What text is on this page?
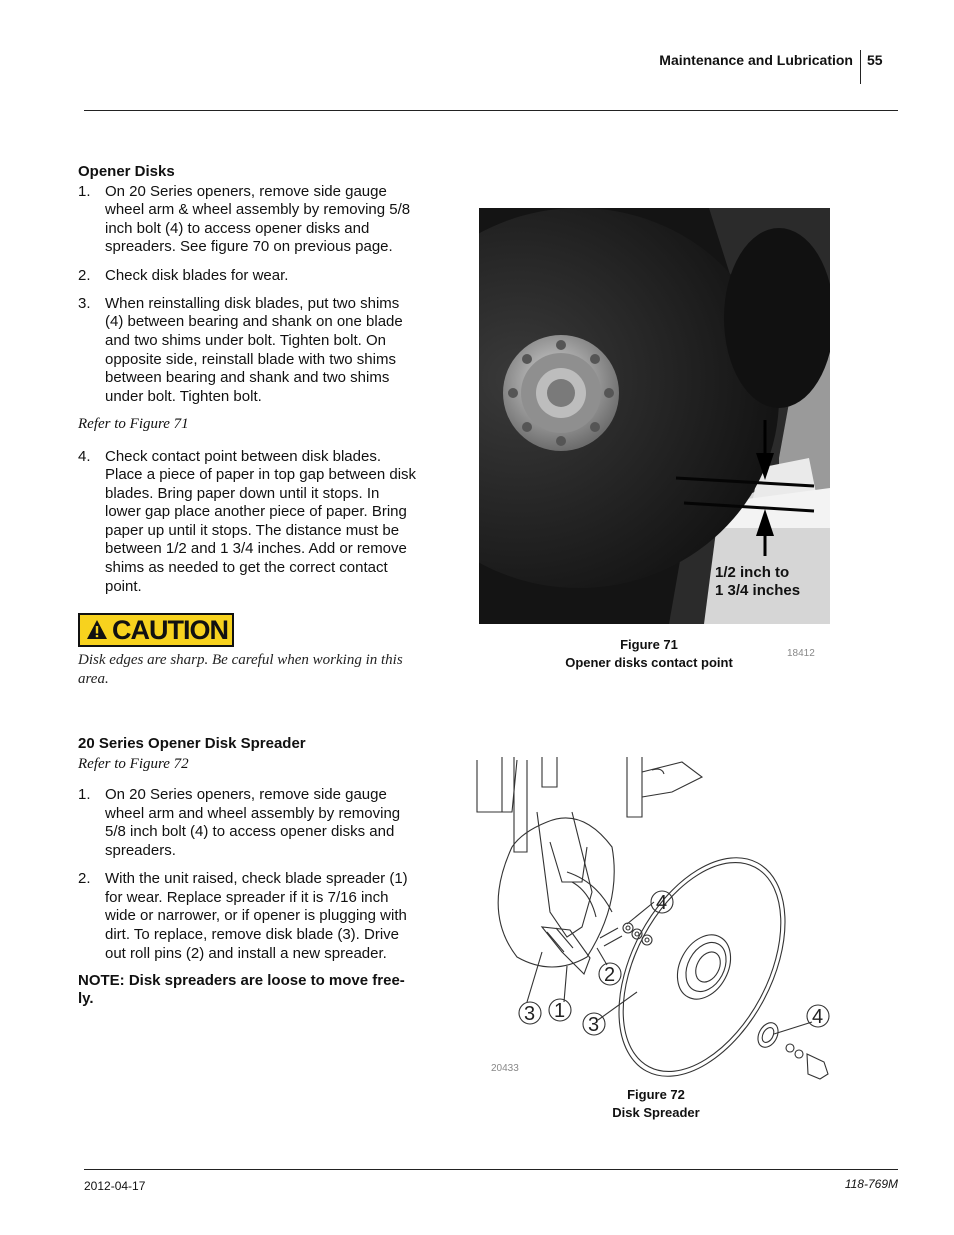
Maintenance and Lubrication 55
Opener Disks
1. On 20 Series openers, remove side gauge wheel arm & wheel assembly by removing 5/8 inch bolt (4) to access opener disks and spreaders. See figure 70 on previous page.
2. Check disk blades for wear.
3. When reinstalling disk blades, put two shims (4) between bearing and shank on one blade and two shims under bolt. Tighten bolt. On opposite side, reinstall blade with two shims between bearing and shank and two shims under bolt. Tighten bolt.
Refer to Figure 71
4. Check contact point between disk blades. Place a piece of paper in top gap between disk blades. Bring paper down until it stops. In lower gap place another piece of paper. Bring paper up until it stops. The distance must be between 1/2 and 1 3/4 inches. Add or remove shims as needed to get the correct contact point.
CAUTION
Disk edges are sharp. Be careful when working in this area.
20 Series Opener Disk Spreader
Refer to Figure 72
1. On 20 Series openers, remove side gauge wheel arm and wheel assembly by removing 5/8 inch bolt (4) to access opener disks and spreaders.
2. With the unit raised, check blade spreader (1) for wear. Replace spreader if it is 7/16 inch wide or narrower, or if opener is plugging with dirt. To replace, remove disk blade (3). Drive out roll pins (2) and install a new spreader.
NOTE: Disk spreaders are loose to move free-ly.
1/2 inch to
1 3/4 inches
Figure 71
Opener disks contact point
18412
4
2
3 1
3	4
20433
Figure 72
Disk Spreader
2012-04-17	118-769M
